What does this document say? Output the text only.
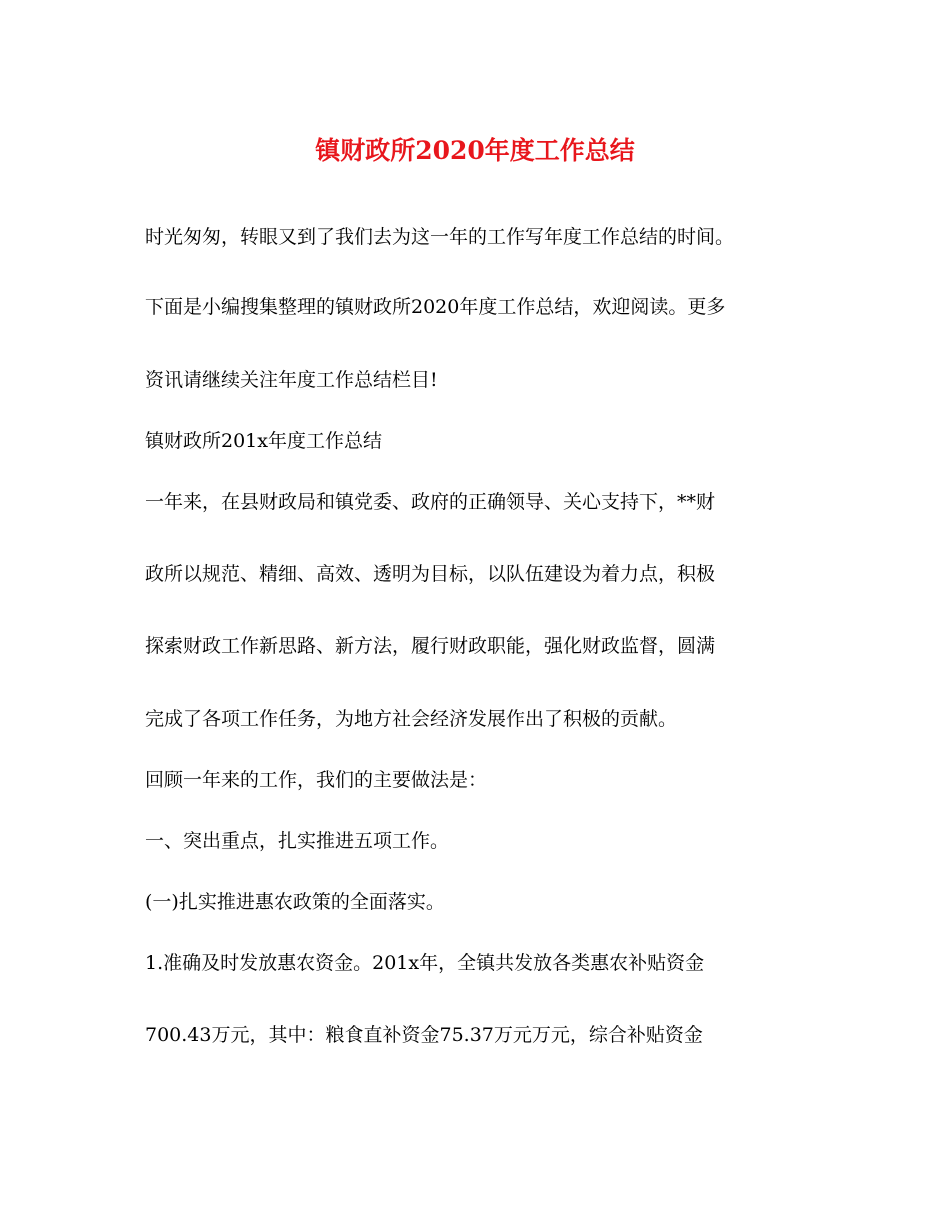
镇财政所2020年度工作总结
时光匆匆，转眼又到了我们去为这一年的工作写年度工作总结的时间。
下面是小编搜集整理的镇财政所2020年度工作总结，欢迎阅读。更多
资讯请继续关注年度工作总结栏目!
镇财政所201x年度工作总结
一年来，在县财政局和镇党委、政府的正确领导、关心支持下，**财
政所以规范、精细、高效、透明为目标，以队伍建设为着力点，积极
探索财政工作新思路、新方法，履行财政职能，强化财政监督，圆满
完成了各项工作任务，为地方社会经济发展作出了积极的贡献。
回顾一年来的工作，我们的主要做法是：
一、突出重点，扎实推进五项工作。
(一)扎实推进惠农政策的全面落实。
1.准确及时发放惠农资金。201x年，全镇共发放各类惠农补贴资金
700.43万元，其中：粮食直补资金75.37万元万元，综合补贴资金
